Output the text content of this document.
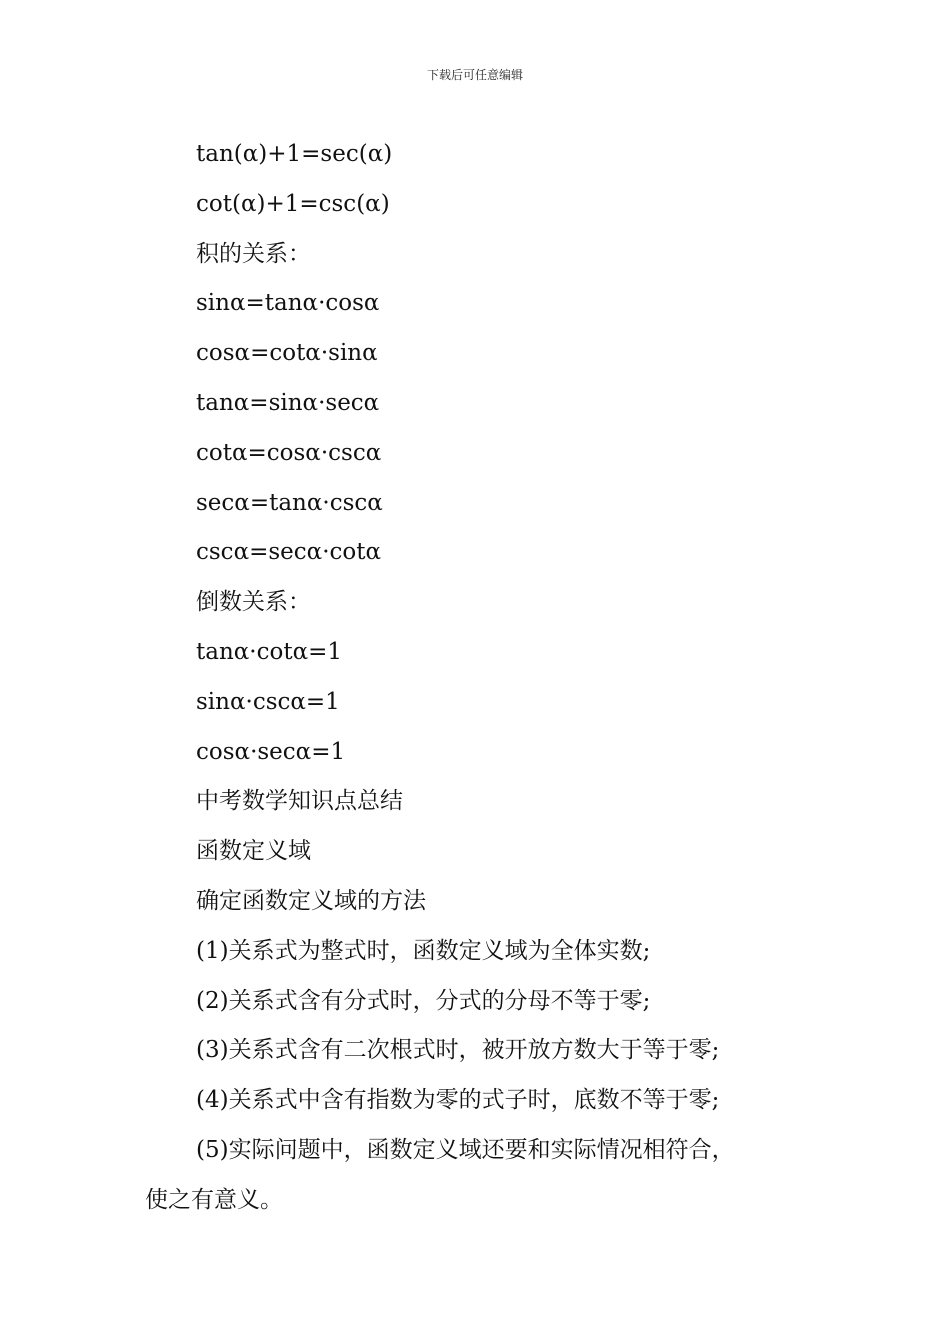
下载后可任意编辑
tan(α)+1=sec(α)
cot(α)+1=csc(α)
积的关系：
sinα=tanα·cosα
cosα=cotα·sinα
tanα=sinα·secα
cotα=cosα·cscα
secα=tanα·cscα
cscα=secα·cotα
倒数关系：
tanα·cotα=1
sinα·cscα=1
cosα·secα=1
中考数学知识点总结
函数定义域
确定函数定义域的方法
(1)关系式为整式时，函数定义域为全体实数;
(2)关系式含有分式时，分式的分母不等于零;
(3)关系式含有二次根式时，被开放方数大于等于零;
(4)关系式中含有指数为零的式子时，底数不等于零;
(5)实际问题中，函数定义域还要和实际情况相符合，
使之有意义。
